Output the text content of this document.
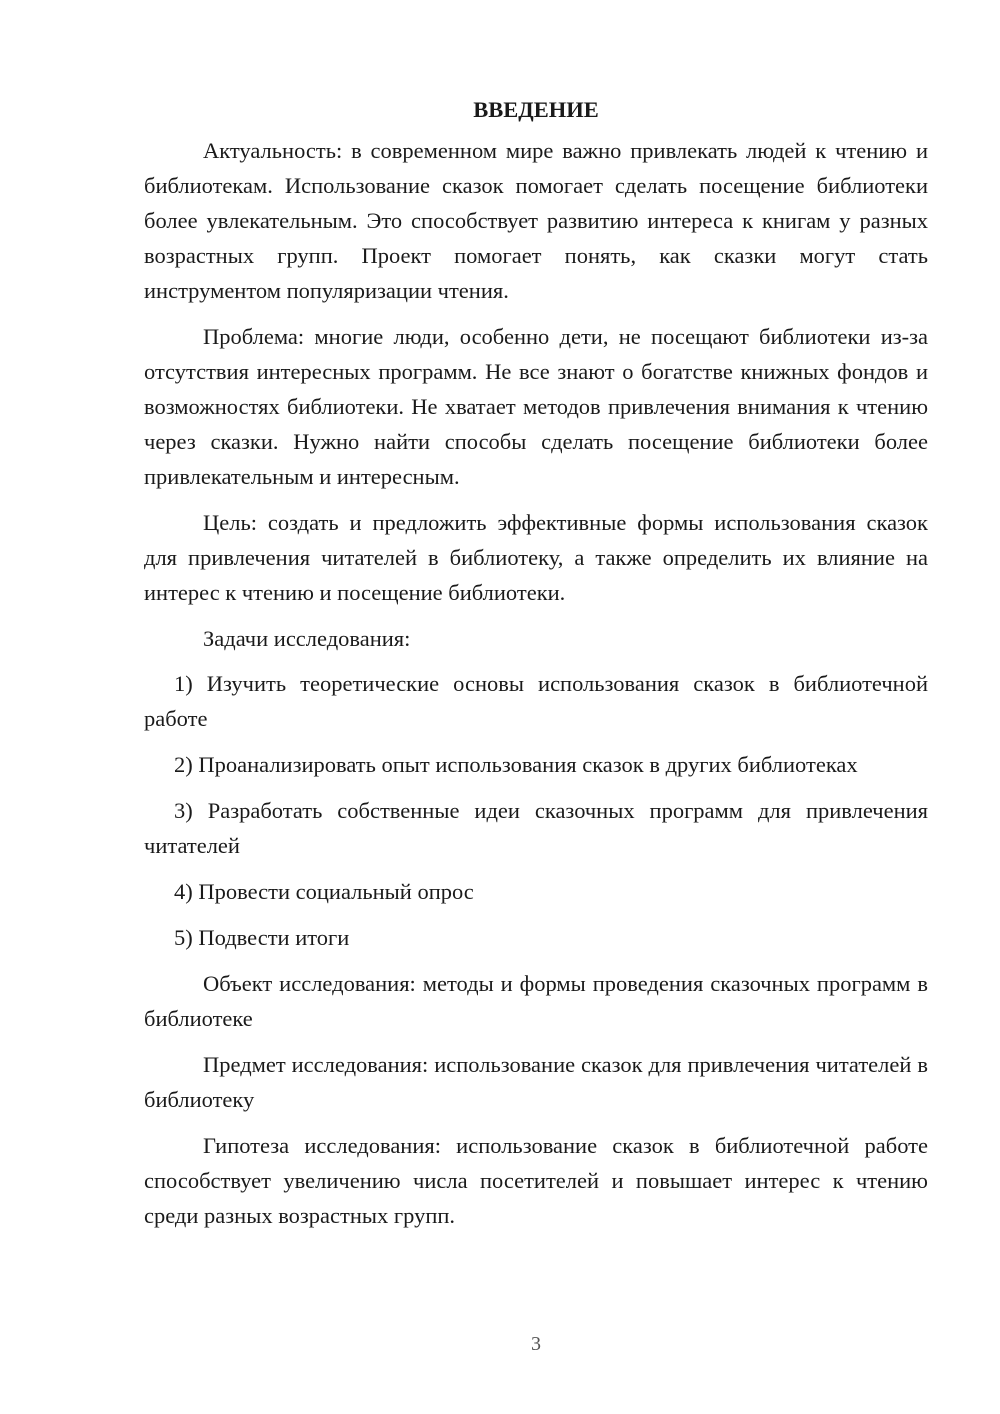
ВВЕДЕНИЕ

Актуальность: в современном мире важно привлекать людей к чтению и библиотекам. Использование сказок помогает сделать посещение библиотеки более увлекательным. Это способствует развитию интереса к книгам у разных возрастных групп. Проект помогает понять, как сказки могут стать инструментом популяризации чтения.

Проблема: многие люди, особенно дети, не посещают библиотеки из-за отсутствия интересных программ. Не все знают о богатстве книжных фондов и возможностях библиотеки. Не хватает методов привлечения внимания к чтению через сказки. Нужно найти способы сделать посещение библиотеки более привлекательным и интересным.

Цель: создать и предложить эффективные формы использования сказок для привлечения читателей в библиотеку, а также определить их влияние на интерес к чтению и посещение библиотеки.

Задачи исследования:

1) Изучить теоретические основы использования сказок в библиотечной работе

2) Проанализировать опыт использования сказок в других библиотеках

3) Разработать собственные идеи сказочных программ для привлечения читателей

4) Провести социальный опрос

5) Подвести итоги

Объект исследования: методы и формы проведения сказочных программ в библиотеке

Предмет исследования: использование сказок для привлечения читателей в библиотеку

Гипотеза исследования: использование сказок в библиотечной работе способствует увеличению числа посетителей и повышает интерес к чтению среди разных возрастных групп.

3
